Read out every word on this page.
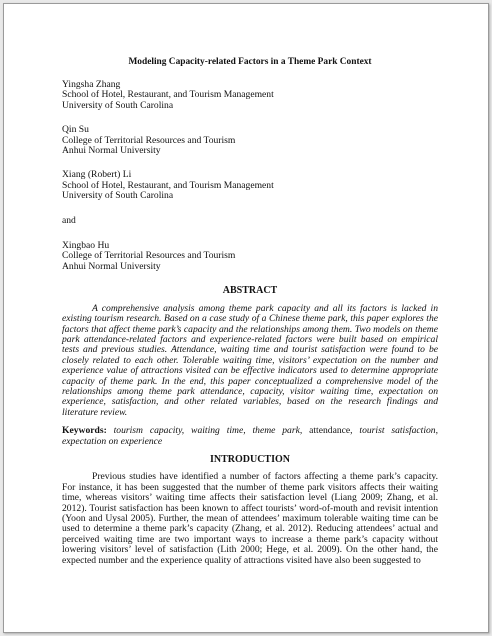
Modeling Capacity-related Factors in a Theme Park Context
Yingsha Zhang
School of Hotel, Restaurant, and Tourism Management
University of South Carolina
Qin Su
College of Territorial Resources and Tourism
Anhui Normal University
Xiang (Robert) Li
School of Hotel, Restaurant, and Tourism Management
University of South Carolina
and
Xingbao Hu
College of Territorial Resources and Tourism
Anhui Normal University
ABSTRACT

A comprehensive analysis among theme park capacity and all its factors is lacked in existing tourism research. Based on a case study of a Chinese theme park, this paper explores the factors that affect theme park’s capacity and the relationships among them. Two models on theme park attendance-related factors and experience-related factors were built based on empirical tests and previous studies. Attendance, waiting time and tourist satisfaction were found to be closely related to each other. Tolerable waiting time, visitors’ expectation on the number and experience value of attractions visited can be effective indicators used to determine appropriate capacity of theme park. In the end, this paper conceptualized a comprehensive model of the relationships among theme park attendance, capacity, visitor waiting time, expectation on experience, satisfaction, and other related variables, based on the research findings and literature review.

Keywords: tourism capacity, waiting time, theme park, attendance, tourist satisfaction, expectation on experience

INTRODUCTION

Previous studies have identified a number of factors affecting a theme park’s capacity. For instance, it has been suggested that the number of theme park visitors affects their waiting time, whereas visitors’ waiting time affects their satisfaction level (Liang 2009; Zhang, et al. 2012). Tourist satisfaction has been known to affect tourists’ word-of-mouth and revisit intention (Yoon and Uysal 2005). Further, the mean of attendees’ maximum tolerable waiting time can be used to determine a theme park’s capacity (Zhang, et al. 2012). Reducing attendees’ actual and perceived waiting time are two important ways to increase a theme park’s capacity without lowering visitors’ level of satisfaction (Lith 2000; Hege, et al. 2009). On the other hand, the expected number and the experience quality of attractions visited have also been suggested to
